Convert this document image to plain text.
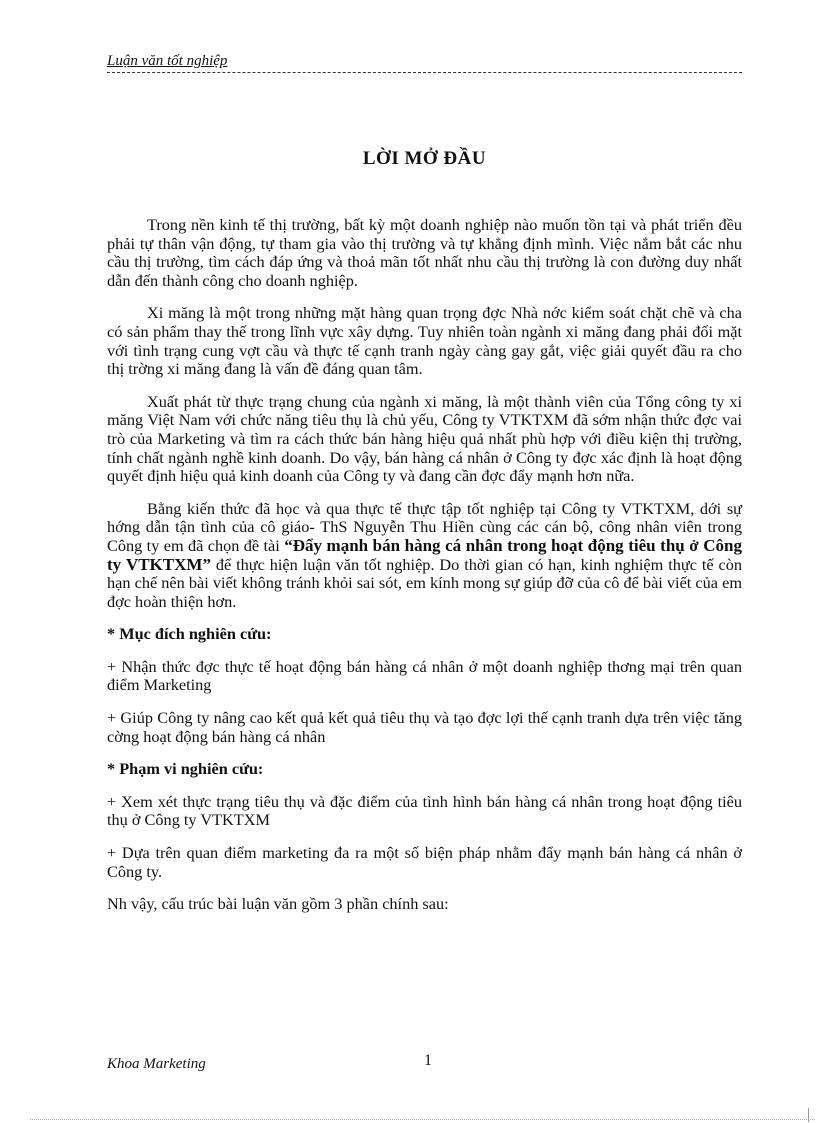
Luận văn tốt nghiệp
LỜI MỞ ĐẦU

Trong nền kinh tế thị trường, bất kỳ một doanh nghiệp nào muốn tồn tại và phát triển đều phải tự thân vận động, tự tham gia vào thị trường và tự khẳng định mình. Việc nắm bắt các nhu cầu thị trường, tìm cách đáp ứng và thoả mãn tốt nhất nhu cầu thị trường là con đường duy nhất dẫn đến thành công cho doanh nghiệp.

Xi măng là một trong những mặt hàng quan trọng đợc Nhà nớc kiểm soát chặt chẽ và cha có sản phẩm thay thế trong lĩnh vực xây dựng. Tuy nhiên toàn ngành xi măng đang phải đối mặt với tình trạng cung vợt cầu và thực tế cạnh tranh ngày càng gay gắt, việc giải quyết đầu ra cho thị trờng xi măng đang là vấn đề đáng quan tâm.

Xuất phát từ thực trạng chung của ngành xi măng, là một thành viên của Tổng công ty xi măng Việt Nam với chức năng tiêu thụ là chủ yếu, Công ty VTKTXM đã sớm nhận thức đợc vai trò của Marketing và tìm ra cách thức bán hàng hiệu quả nhất phù hợp với điều kiện thị trường, tính chất ngành nghề kinh doanh. Do vậy, bán hàng cá nhân ở Công ty đợc xác định là hoạt động quyết định hiệu quả kinh doanh của Công ty và đang cần đợc đẩy mạnh hơn nữa.

Bằng kiến thức đã học và qua thực tế thực tập tốt nghiệp tại Công ty VTKTXM, dới sự hớng dẫn tận tình của cô giáo- ThS Nguyễn Thu Hiền cùng các cán bộ, công nhân viên trong Công ty em đã chọn đề tài “Đẩy mạnh bán hàng cá nhân trong hoạt động tiêu thụ ở Công ty VTKTXM” để thực hiện luận văn tốt nghiệp. Do thời gian có hạn, kinh nghiệm thực tế còn hạn chế nên bài viết không tránh khỏi sai sót, em kính mong sự giúp đỡ của cô để bài viết của em đợc hoàn thiện hơn.

* Mục đích nghiên cứu:

+ Nhận thức đợc thực tế hoạt động bán hàng cá nhân ở một doanh nghiệp thơng mại trên quan điểm Marketing

+ Giúp Công ty nâng cao kết quả kết quả tiêu thụ và tạo đợc lợi thế cạnh tranh dựa trên việc tăng cờng hoạt động bán hàng cá nhân

* Phạm vi nghiên cứu:

+ Xem xét thực trạng tiêu thụ và đặc điểm của tình hình bán hàng cá nhân trong hoạt động tiêu thụ ở Công ty VTKTXM

+ Dựa trên quan điểm marketing đa ra một số biện pháp nhằm đẩy mạnh bán hàng cá nhân ở Công ty.

Nh vậy, cấu trúc bài luận văn gồm 3 phần chính sau:

Khoa Marketing	1
